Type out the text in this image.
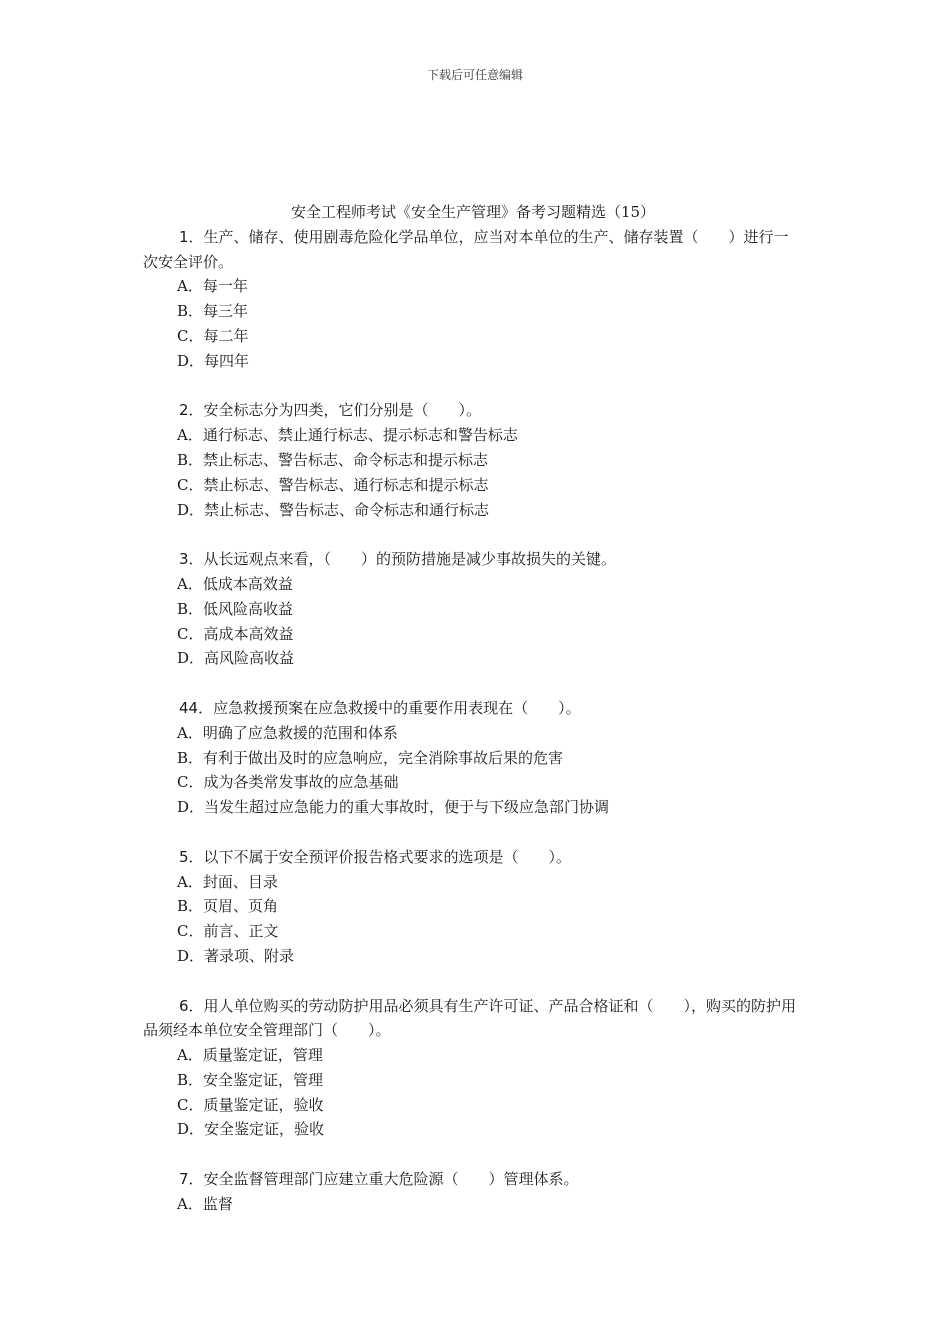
下载后可任意编辑
安全工程师考试《安全生产管理》备考习题精选（15）
1．生产、储存、使用剧毒危险化学品单位，应当对本单位的生产、储存装置（　　）进行一次安全评价。
A．每一年
B．每三年
C．每二年
D．每四年
2．安全标志分为四类，它们分别是（　　）。
A．通行标志、禁止通行标志、提示标志和警告标志
B．禁止标志、警告标志、命令标志和提示标志
C．禁止标志、警告标志、通行标志和提示标志
D．禁止标志、警告标志、命令标志和通行标志
3．从长远观点来看，（　　）的预防措施是减少事故损失的关键。
A．低成本高效益
B．低风险高收益
C．高成本高效益
D．高风险高收益
44．应急救援预案在应急救援中的重要作用表现在（　　）。
A．明确了应急救援的范围和体系
B．有利于做出及时的应急响应，完全消除事故后果的危害
C．成为各类常发事故的应急基础
D．当发生超过应急能力的重大事故时，便于与下级应急部门协调
5．以下不属于安全预评价报告格式要求的选项是（　　）。
A．封面、目录
B．页眉、页角
C．前言、正文
D．著录项、附录
6．用人单位购买的劳动防护用品必须具有生产许可证、产品合格证和（　　），购买的防护用品须经本单位安全管理部门（　　）。
A．质量鉴定证，管理
B．安全鉴定证，管理
C．质量鉴定证，验收
D．安全鉴定证，验收
7．安全监督管理部门应建立重大危险源（　　）管理体系。
A．监督
